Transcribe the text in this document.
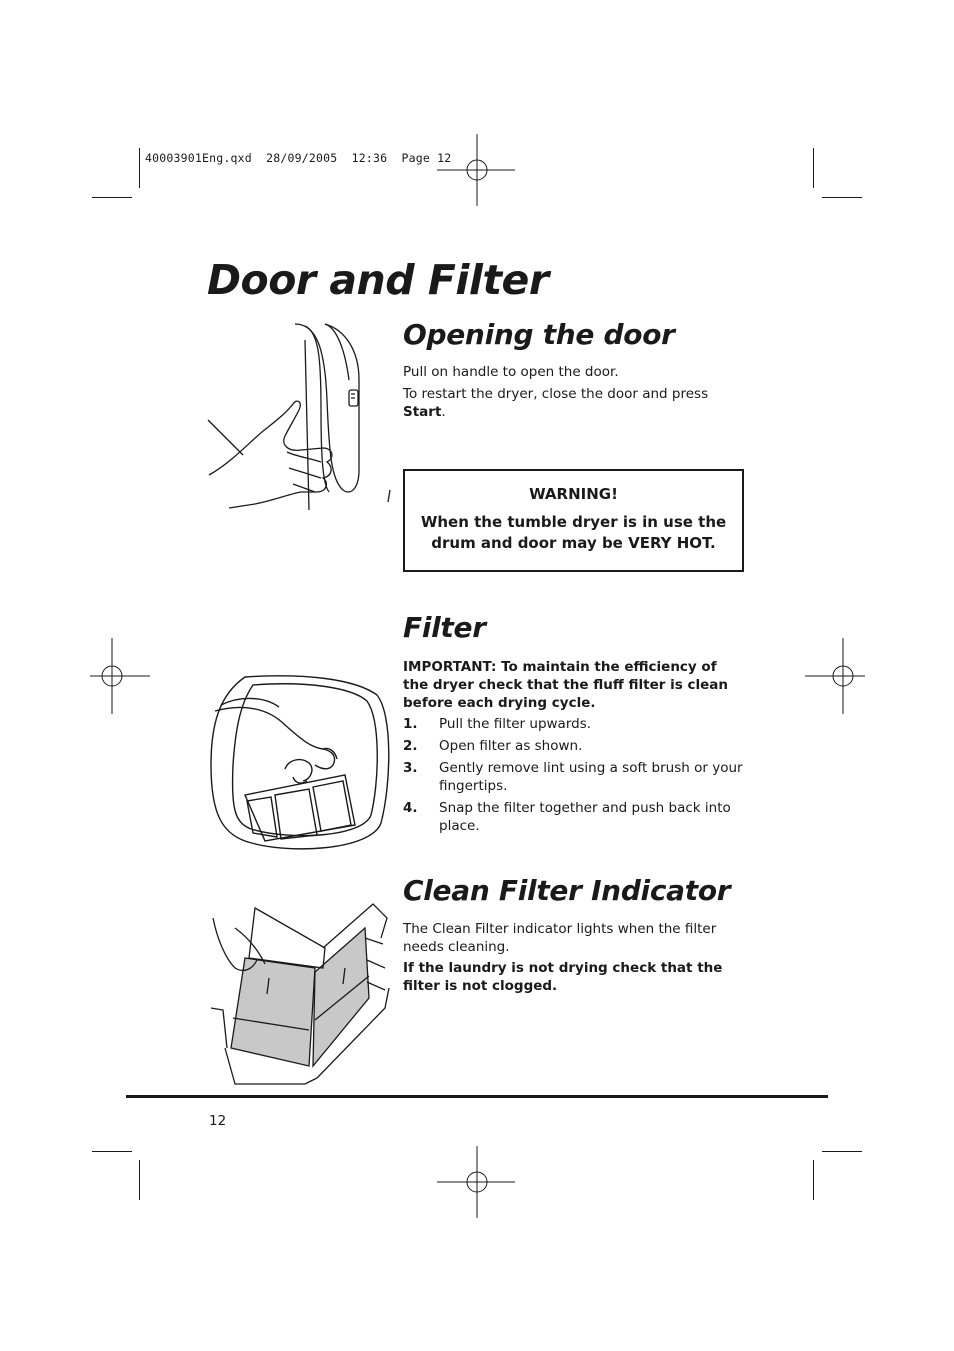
40003901Eng.qxd  28/09/2005  12:36  Page 12
Door and Filter
Opening the door

Pull on handle to open the door.

To restart the dryer, close the door and press Start.

WARNING!
When the tumble dryer is in use the drum and door may be VERY HOT.
Filter

IMPORTANT: To maintain the efficiency of the dryer check that the fluff filter is clean before each drying cycle.

1. Pull the filter upwards.
2. Open filter as shown.
3. Gently remove lint using a soft brush or your fingertips.
4. Snap the filter together and push back into place.
Clean Filter Indicator

The Clean Filter indicator lights when the filter needs cleaning.

If the laundry is not drying check that the filter is not clogged.

12
